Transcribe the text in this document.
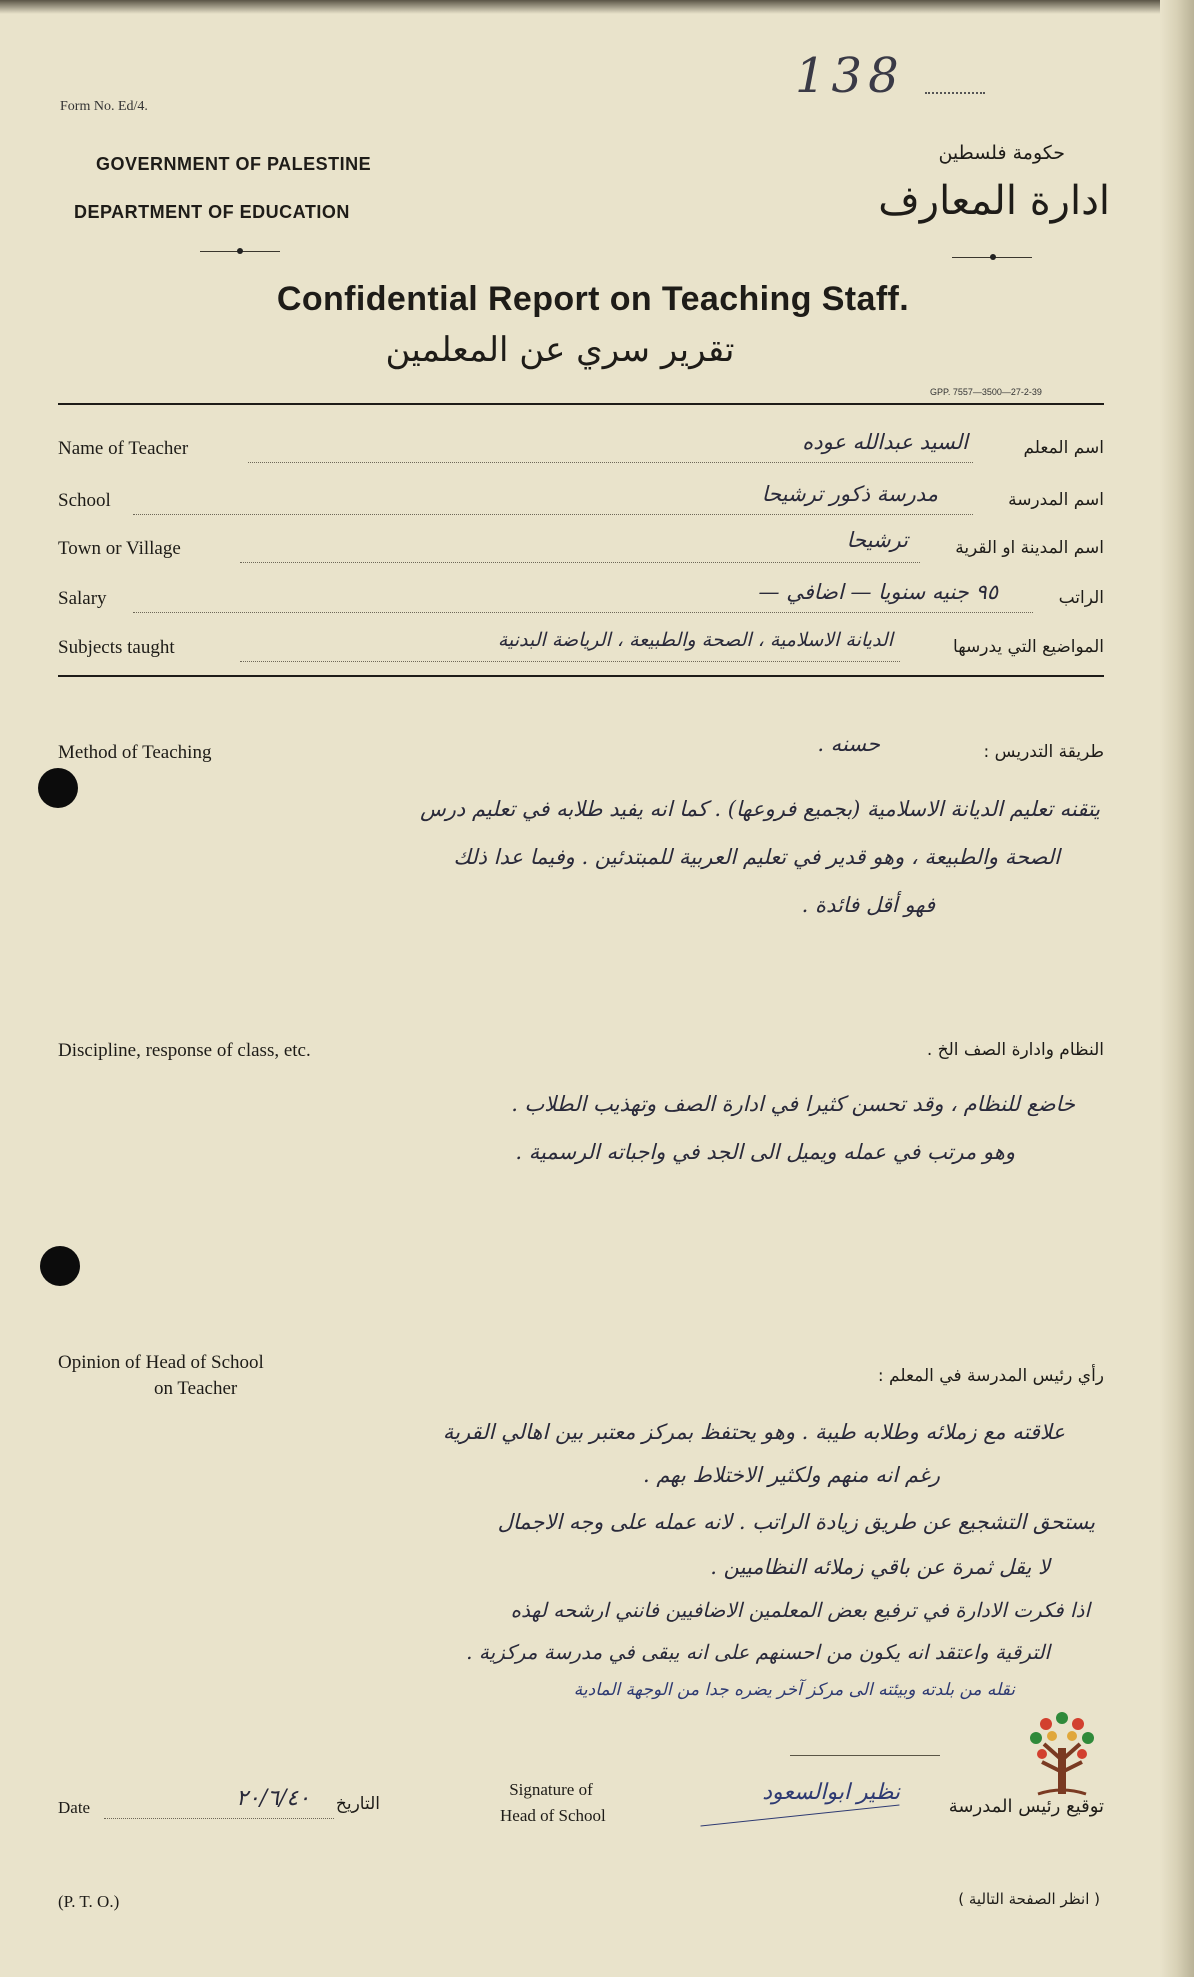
138
Form No. Ed/4.
GOVERNMENT OF PALESTINE
DEPARTMENT OF EDUCATION
حكومة فلسطين
ادارة المعارف
Confidential Report on Teaching Staff.
تقرير سري عن المعلمين
GPP. 7557—3500—27-2-39
Name of Teacher	السيد عبدالله عوده	اسم المعلم
School	مدرسة ذكور ترشيحا	اسم المدرسة
Town or Village	ترشيحا	اسم المدينة او القرية
Salary	٩٥ جنيه سنويا — اضافي —	الراتب
Subjects taught	الديانة الاسلامية ، الصحة والطبيعة ، الرياضة البدنية	المواضيع التي يدرسها
Method of Teaching	طريقة التدريس :
حسنه .
يتقنه تعليم الديانة الاسلامية (بجميع فروعها) . كما انه يفيد طلابه في تعليم درس
الصحة والطبيعة ، وهو قدير في تعليم العربية للمبتدئين . وفيما عدا ذلك
فهو أقل فائدة .
Discipline, response of class, etc.	النظام وادارة الصف الخ .
خاضع للنظام ، وقد تحسن كثيرا في ادارة الصف وتهذيب الطلاب .
وهو مرتب في عمله ويميل الى الجد في واجباته الرسمية .
Opinion of Head of School
on Teacher
رأي رئيس المدرسة في المعلم :
علاقته مع زملائه وطلابه طيبة . وهو يحتفظ بمركز معتبر بين اهالي القرية
رغم انه منهم ولكثير الاختلاط بهم .
يستحق التشجيع عن طريق زيادة الراتب . لانه عمله على وجه الاجمال
لا يقل ثمرة عن باقي زملائه النظاميين .
اذا فكرت الادارة في ترفيع بعض المعلمين الاضافيين فانني ارشحه لهذه
الترقية واعتقد انه يكون من احسنهم على انه يبقى في مدرسة مركزية .
نقله من بلدته وبيئته الى مركز آخر يضره جدا من الوجهة المادية
Date	٢٠/٦/٤٠	التاريخ
Signature of
Head of School
نظير ابوالسعود
توقيع رئيس المدرسة
(P. T. O.)	( انظر الصفحة التالية )
